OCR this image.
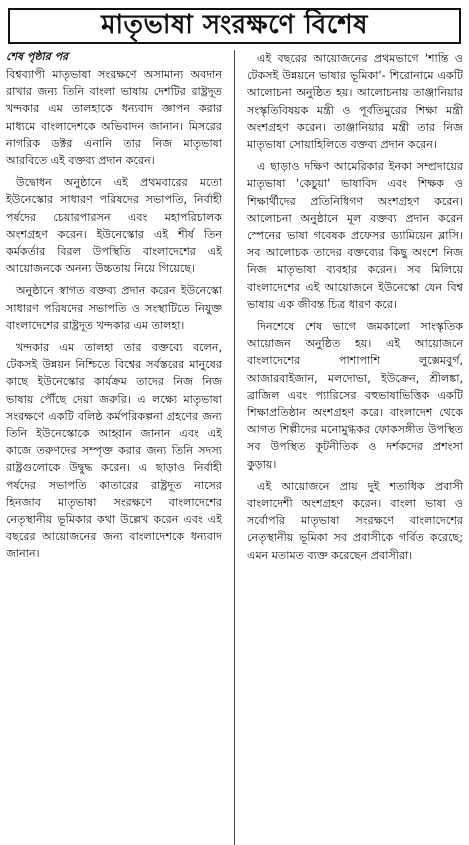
মাতৃভাষা সংরক্ষণে বিশেষ
শেষ পৃষ্ঠার পর

বিশ্বব্যাপী মাতৃভাষা সংরক্ষণে অসামান্য অবদান রাখার জন্য তিনি বাংলা ভাষায় দেশটির রাষ্ট্রদূত খন্দকার এম তালহাকে ধন্যবাদ জ্ঞাপন করার মাধ্যমে বাংলাদেশকে অভিবাদন জানান। মিসরের নাগরিক ডক্টর এনানি তার নিজ মাতৃভাষা আরবিতে এই বক্তব্য প্রদান করেন।

উদ্বোধন অনুষ্ঠানে এই প্রথমবারের মতো ইউনেস্কোর সাধারণ পরিষদের সভাপতি, নির্বাহী পর্ষদের চেয়ারপারসন এবং মহাপরিচালক অংশগ্রহণ করেন। ইউনেস্কোর এই শীর্ষ তিন কর্মকর্তার বিরল উপস্থিতি বাংলাদেশের এই আয়োজনকে অনন্য উচ্চতায় নিয়ে গিয়েছে।

অনুষ্ঠানে স্বাগত বক্তব্য প্রদান করেন ইউনেস্কো সাধারণ পরিষদের সভাপতি ও সংস্থাটিতে নিযুক্ত বাংলাদেশের রাষ্ট্রদূত খন্দকার এম তালহা।

খন্দকার এম তালহা তার বক্তব্যে বলেন, টেকসই উন্নয়ন নিশ্চিতে বিশ্বের সর্বস্তরের মানুষের কাছে ইউনেস্কোর কার্যক্রম তাদের নিজ নিজ ভাষায় পৌঁছে দেয়া জরুরি। এ লক্ষ্যে মাতৃভাষা সংরক্ষণে একটি বলিষ্ঠ কর্মপরিকল্পনা গ্রহণের জন্য তিনি ইউনেস্কোকে আহ্বান জানান এবং এই কাজে তরুণদের সম্পৃক্ত করার জন্য তিনি সদস্য রাষ্ট্রগুলোকে উদ্বুদ্ধ করেন। এ ছাড়াও নির্বাহী পর্ষদের সভাপতি কাতারের রাষ্ট্রদূত নাসের হিনজাব মাতৃভাষা সংরক্ষণে বাংলাদেশের নেতৃস্থানীয় ভূমিকার কথা উল্লেখ করেন এবং এই বছরের আয়োজনের জন্য বাংলাদেশকে ধন্যবাদ জানান।

এই বছরের আয়োজনের প্রথমভাগে 'শান্তি ও টেকসই উন্নয়নে ভাষার ভূমিকা'- শিরোনামে একটি আলোচনা অনুষ্ঠিত হয়। আলোচনায় তাঞ্জানিয়ার সংস্কৃতিবিষয়ক মন্ত্রী ও পূর্বতিমুরের শিক্ষা মন্ত্রী অংশগ্রহণ করেন। তাঞ্জানিয়ার মন্ত্রী তার নিজ মাতৃভাষা সোয়াহিলিতে বক্তব্য প্রদান করেন।

এ ছাড়াও দক্ষিণ আমেরিকার ইনকা সম্প্রদায়ের মাতৃভাষা 'কেচুয়া' ভাষাবিদ এবং শিক্ষক ও শিক্ষার্থীদের প্রতিনিধিগণ অংশগ্রহণ করেন। আলোচনা অনুষ্ঠানে মূল বক্তব্য প্রদান করেন স্পেনের ভাষা গবেষক প্রফেসর ড্যামিয়েন ব্লাসি। সব আলোচক তাদের বক্তব্যের কিছু অংশে নিজ নিজ মাতৃভাষা ব্যবহার করেন। সব মিলিয়ে বাংলাদেশের এই আয়োজনে ইউনেস্কো যেন বিশ্ব ভাষায় এক জীবন্ত চিত্র ধারণ করে।

দিনশেষে শেষ ভাগে জমকালো সাংস্কৃতিক আয়োজন অনুষ্ঠিত হয়। এই আয়োজনে বাংলাদেশের পাশাপাশি লুক্সেমবুর্গ, আজারবাইজান, মলদোভা, ইউক্রেন, শ্রীলঙ্কা, ব্রাজিল এবং প্যারিসের বহুভাষাভিত্তিক একটি শিক্ষাপ্রতিষ্ঠান অংশগ্রহণ করে। বাংলাদেশ থেকে আগত শিল্পীদের মনোমুগ্ধকর ফোকসঙ্গীত উপস্থিত সব উপস্থিত কূটনীতিক ও দর্শকদের প্রশংসা কুড়ায়।

এই আয়োজনে প্রায় দুই শতাধিক প্রবাসী বাংলাদেশী অংশগ্রহণ করেন। বাংলা ভাষা ও সর্বোপরি মাতৃভাষা সংরক্ষণে বাংলাদেশের নেতৃস্থানীয় ভূমিকা সব প্রবাসীকে গর্বিত করেছে; এমন মতামত ব্যক্ত করেছেন প্রবাসীরা।
